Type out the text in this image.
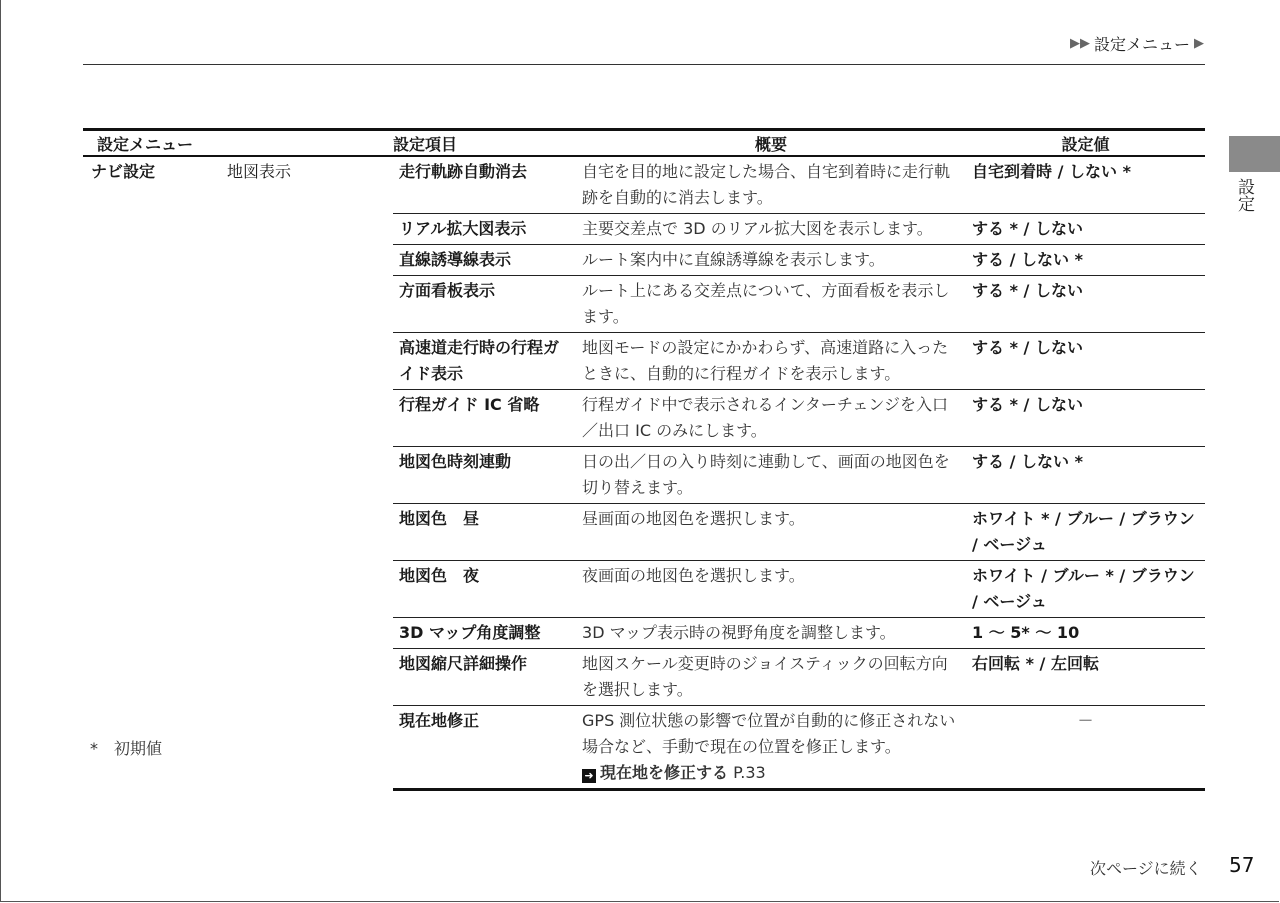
▶▶ 設定メニュー ▶
設定
設定メニュー		設定項目	概要	設定値
ナビ設定	地図表示	走行軌跡自動消去	自宅を目的地に設定した場合、自宅到着時に走行軌跡を自動的に消去します。	自宅到着時 / しない *
		リアル拡大図表示	主要交差点で 3D のリアル拡大図を表示します。	する * / しない
		直線誘導線表示	ルート案内中に直線誘導線を表示します。	する / しない *
		方面看板表示	ルート上にある交差点について、方面看板を表示します。	する * / しない
		高速道走行時の行程ガイド表示	地図モードの設定にかかわらず、高速道路に入ったときに、自動的に行程ガイドを表示します。	する * / しない
		行程ガイド IC 省略	行程ガイド中で表示されるインターチェンジを入口／出口 IC のみにします。	する * / しない
		地図色時刻連動	日の出／日の入り時刻に連動して、画面の地図色を切り替えます。	する / しない *
		地図色　昼	昼画面の地図色を選択します。	ホワイト * / ブルー / ブラウン / ベージュ
		地図色　夜	夜画面の地図色を選択します。	ホワイト / ブルー * / ブラウン / ベージュ
		3D マップ角度調整	3D マップ表示時の視野角度を調整します。	1 ～ 5* ～ 10
		地図縮尺詳細操作	地図スケール変更時のジョイスティックの回転方向を選択します。	右回転 * / 左回転
		現在地修正	GPS 測位状態の影響で位置が自動的に修正されない場合など、手動で現在の位置を修正します。
➜ 現在地を修正する P.33	－
*　初期値
次ページに続く 57
